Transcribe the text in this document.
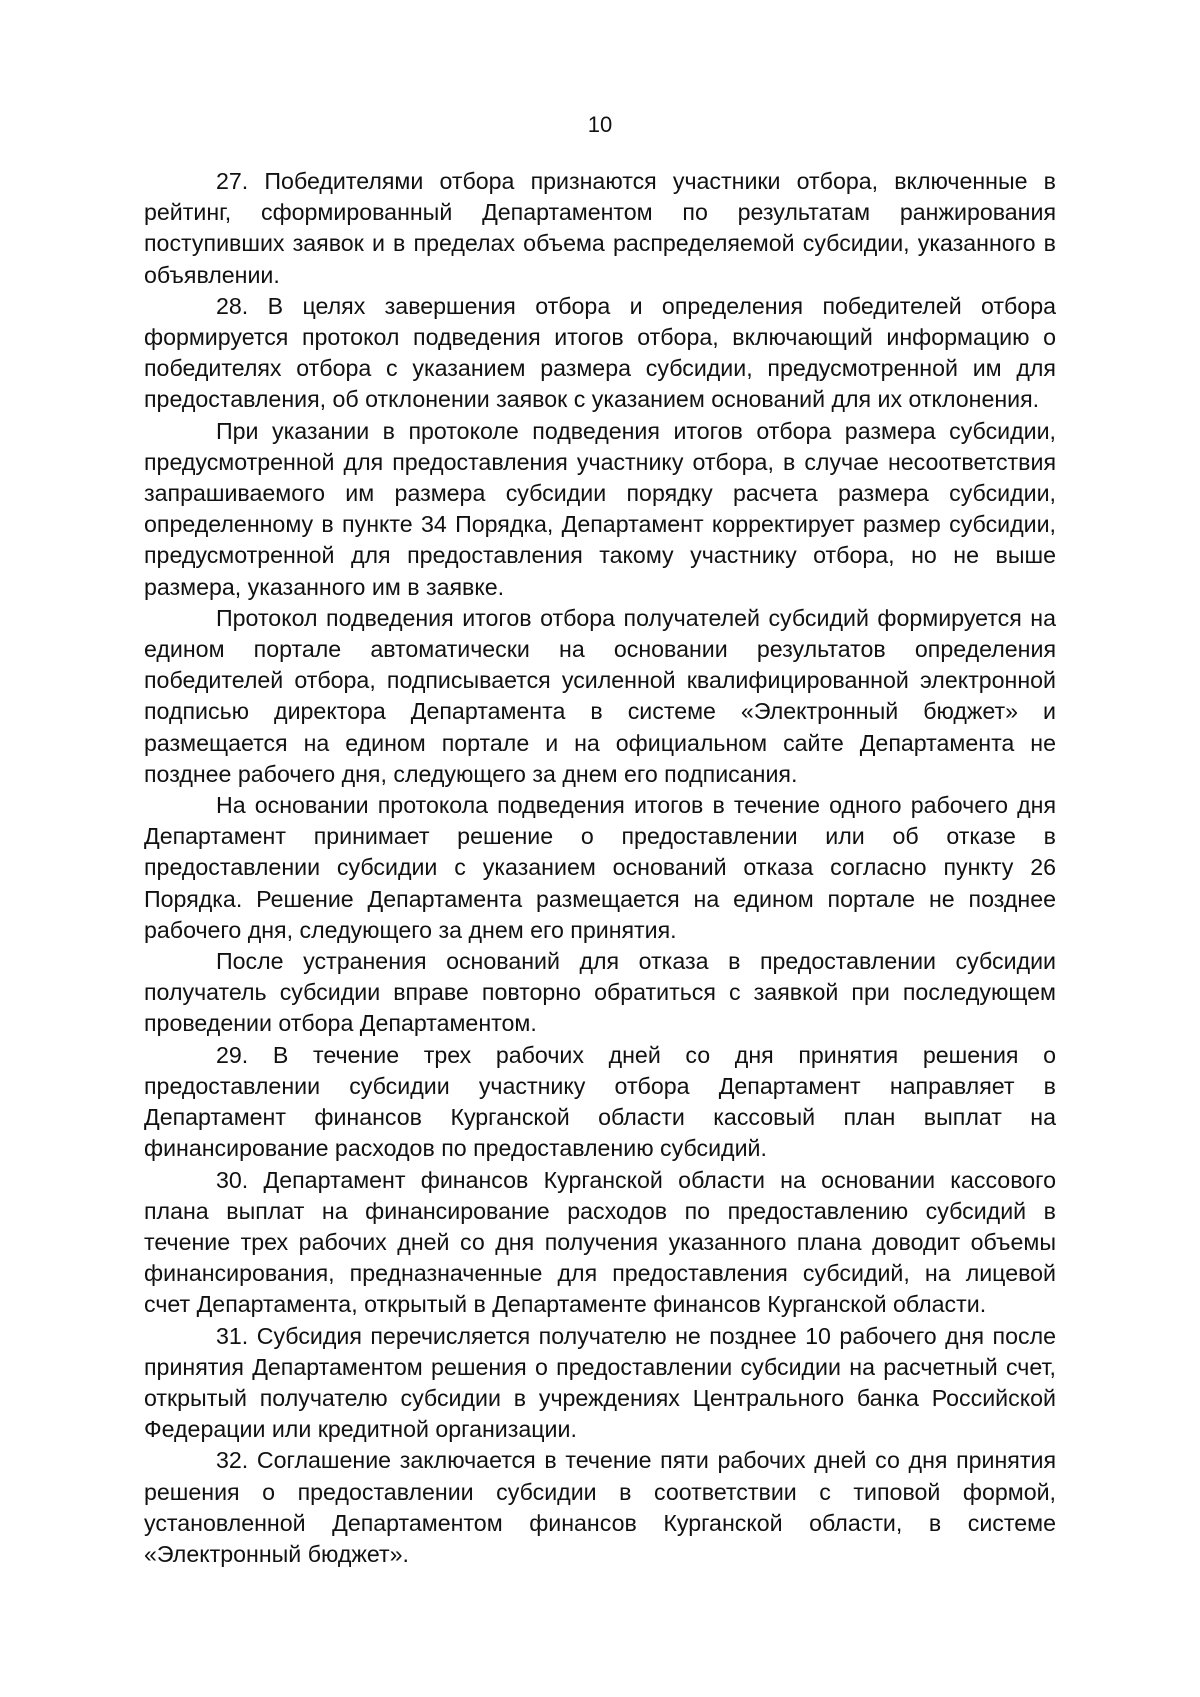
10

27. Победителями отбора признаются участники отбора, включенные в рейтинг, сформированный Департаментом по результатам ранжирования поступивших заявок и в пределах объема распределяемой субсидии, указанного в объявлении.

28. В целях завершения отбора и определения победителей отбора формируется протокол подведения итогов отбора, включающий информацию о победителях отбора с указанием размера субсидии, предусмотренной им для предоставления, об отклонении заявок с указанием оснований для их отклонения.

При указании в протоколе подведения итогов отбора размера субсидии, предусмотренной для предоставления участнику отбора, в случае несоответствия запрашиваемого им размера субсидии порядку расчета размера субсидии, определенному в пункте 34 Порядка, Департамент корректирует размер субсидии, предусмотренной для предоставления такому участнику отбора, но не выше размера, указанного им в заявке.

Протокол подведения итогов отбора получателей субсидий формируется на едином портале автоматически на основании результатов определения победителей отбора, подписывается усиленной квалифицированной электронной подписью директора Департамента в системе «Электронный бюджет» и размещается на едином портале и на официальном сайте Департамента не позднее рабочего дня, следующего за днем его подписания.

На основании протокола подведения итогов в течение одного рабочего дня Департамент принимает решение о предоставлении или об отказе в предоставлении субсидии с указанием оснований отказа согласно пункту 26 Порядка. Решение Департамента размещается на едином портале не позднее рабочего дня, следующего за днем его принятия.

После устранения оснований для отказа в предоставлении субсидии получатель субсидии вправе повторно обратиться с заявкой при последующем проведении отбора Департаментом.

29. В течение трех рабочих дней со дня принятия решения о предоставлении субсидии участнику отбора Департамент направляет в Департамент финансов Курганской области кассовый план выплат на финансирование расходов по предоставлению субсидий.

30. Департамент финансов Курганской области на основании кассового плана выплат на финансирование расходов по предоставлению субсидий в течение трех рабочих дней со дня получения указанного плана доводит объемы финансирования, предназначенные для предоставления субсидий, на лицевой счет Департамента, открытый в Департаменте финансов Курганской области.

31. Субсидия перечисляется получателю не позднее 10 рабочего дня после принятия Департаментом решения о предоставлении субсидии на расчетный счет, открытый получателю субсидии в учреждениях Центрального банка Российской Федерации или кредитной организации.

32. Соглашение заключается в течение пяти рабочих дней со дня принятия решения о предоставлении субсидии в соответствии с типовой формой, установленной Департаментом финансов Курганской области, в системе «Электронный бюджет».
